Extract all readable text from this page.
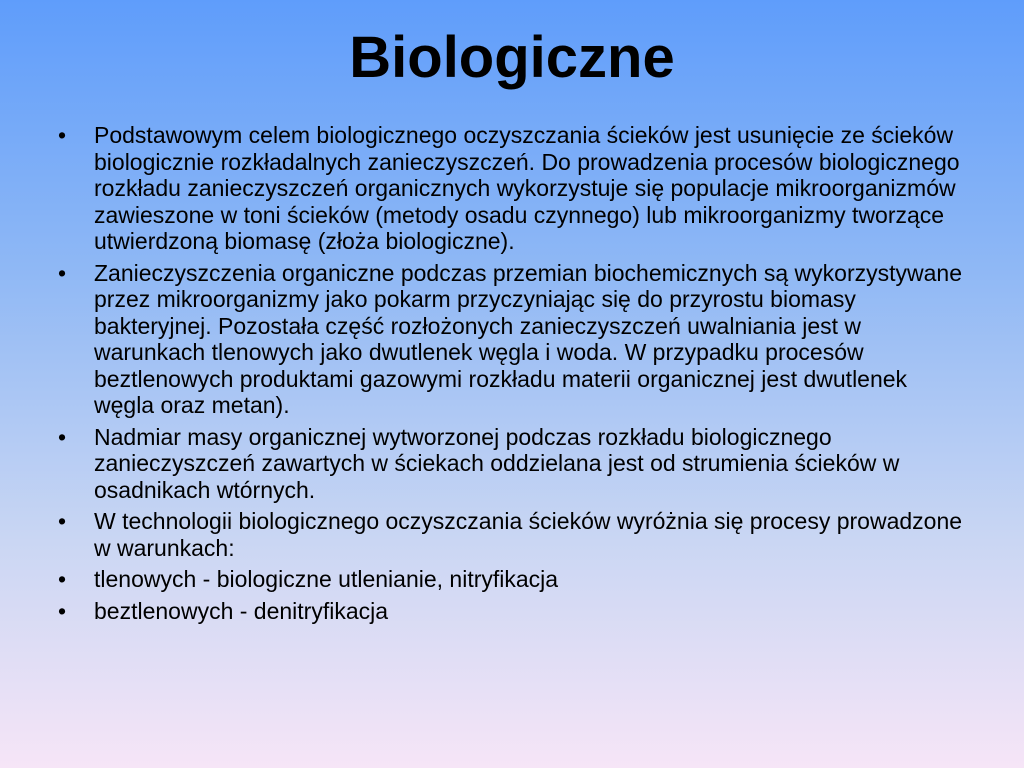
Biologiczne
•	Podstawowym celem biologicznego oczyszczania ścieków jest usunięcie ze ścieków biologicznie rozkładalnych zanieczyszczeń. Do prowadzenia procesów biologicznego rozkładu zanieczyszczeń organicznych wykorzystuje się populacje mikroorganizmów zawieszone w toni ścieków (metody osadu czynnego) lub mikroorganizmy tworzące utwierdzoną biomasę (złoża biologiczne).
•	Zanieczyszczenia organiczne podczas przemian biochemicznych są wykorzystywane przez mikroorganizmy jako pokarm przyczyniając się do przyrostu biomasy bakteryjnej. Pozostała część rozłożonych zanieczyszczeń uwalniania jest w warunkach tlenowych jako dwutlenek węgla i woda. W przypadku procesów beztlenowych produktami gazowymi rozkładu materii organicznej jest dwutlenek węgla oraz metan).
•	Nadmiar masy organicznej wytworzonej podczas rozkładu biologicznego zanieczyszczeń zawartych w ściekach oddzielana jest od strumienia ścieków w osadnikach wtórnych.
•	W technologii biologicznego oczyszczania ścieków wyróżnia się procesy prowadzone w warunkach:
•	tlenowych - biologiczne utlenianie, nitryfikacja
•	beztlenowych - denitryfikacja
